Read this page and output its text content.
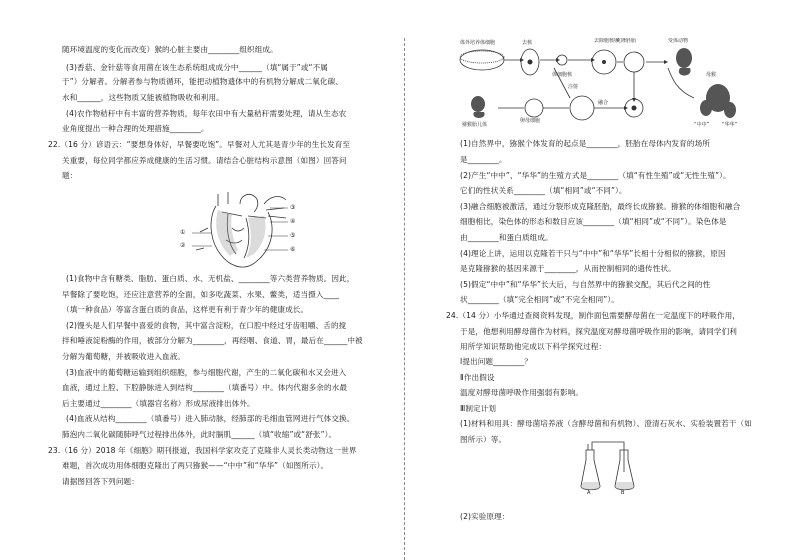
随环境温度的变化而改变）猴的心脏主要由________组织组成。
(3)香菇、金针菇等食用菌在该生态系统组成成分中______（填“属于”或“不属
于”）分解者。分解者参与物质循环，能把动植物遗体中的有机物分解成二氧化碳、
水和______，这些物质又能被植物吸收和利用。
(4)农作物秸秆中有丰富的营养物质，每年农田中有大量秸秆需要处理，请从生态农
业角度提出一种合理的处理措施________。
22.（16 分）谚语云：“要想身体好，早餐要吃饱”。早餐对人尤其是青少年的生长发育至
关重要，每位同学都应养成健康的生活习惯。请结合心脏结构示意图（如图）回答问
题：
①
②
③
④
⑤
⑥
(1)食物中含有糖类、脂肪、蛋白质、水、无机盐、________等六类营养物质。因此，
早餐除了要吃饱，还应注意营养的全面，如多吃蔬菜、水果、鳖类，适当摄入____
（填一种食品）等富含蛋白质的食品，这样更有利于青少年的健康成长。
(2)馒头是人们早餐中喜爱的食物，其中富含淀粉，在口腔中经过牙齿咀嚼、舌的搅
拌和唾液淀粉酶的作用，被部分分解为________，再经咽、食道、胃，最后在______中被
分解为葡萄糖，并被吸收进入血液。
(3)血液中的葡萄糖运输到组织细胞，参与细胞代谢，产生的二氧化碳和水又会进入
血液，通过上腔、下腔静脉进入到结构________（填番号）中。体内代谢多余的水最
后主要通过________（填器官名称）形成尿液排出体外。
(4)血液从结构________（填番号）进入肺动脉，经肺部的毛细血管网进行气体交换。
肺泡内二氧化碳随肺呼气过程排出体外，此时膈肌______（填“收缩”或“舒张”）。
23.（16 分）2018 年《细胞》期刊报道，我国科学家攻克了克隆非人灵长类动物这一世界
难题，首次成功用体细胞克隆出了两只猕猴——“中中”和“华华”（如图所示）。
请据图回答下列问题：
体外培养体细胞	去核
体细胞核
注射
去除胞核卵
卵母细胞
融合
克隆胚胎	受体动物
母猴
“中中”	“华华”
猕猴胎儿体
(1)自然界中，猕猴个体发育的起点是________，胚胎在母体内发育的场所
是________。
(2)产生“中中”、“华华”的生殖方式是________（填“有性生殖”或“无性生殖”）。
它们的性状关系________（填“相同”或“不同”）。
(3)融合细胞被激活，通过分裂形成克隆胚胎，最终长成猕猴。猕猴的体细胞和融合
细胞相比，染色体的形态和数目应该________（填“相同”或“不同”）。染色体是
由________和蛋白质组成。
(4)理论上讲，运用以克隆若干只与“中中”和“华华”长相十分相似的猕猴，原因
是克隆猕猴的基因来源于________，从而控制相同的遗传性状。
(5)假定“中中”和“华华”长大后，与自然界中的猕猴交配，其后代之间的性
状________（填“完全相同”或“不完全相同”）。
24.（14 分）小华通过查阅资料发现，制作面包需要酵母菌在一定温度下的呼吸作用，
于是，他想利用酵母菌作为材料，探究温度对酵母菌呼吸作用的影响，请同学们利
用所学知识帮助他完成以下科学探究过程：
Ⅰ提出问题________？
Ⅱ作出假设
温度对酵母菌呼吸作用强弱有影响。
Ⅲ制定计划
(1)材料和用具：酵母菌培养液（含酵母菌和有机物）、澄清石灰水、实验装置若干（如
图所示）等。
A	B
(2)实验原理：
